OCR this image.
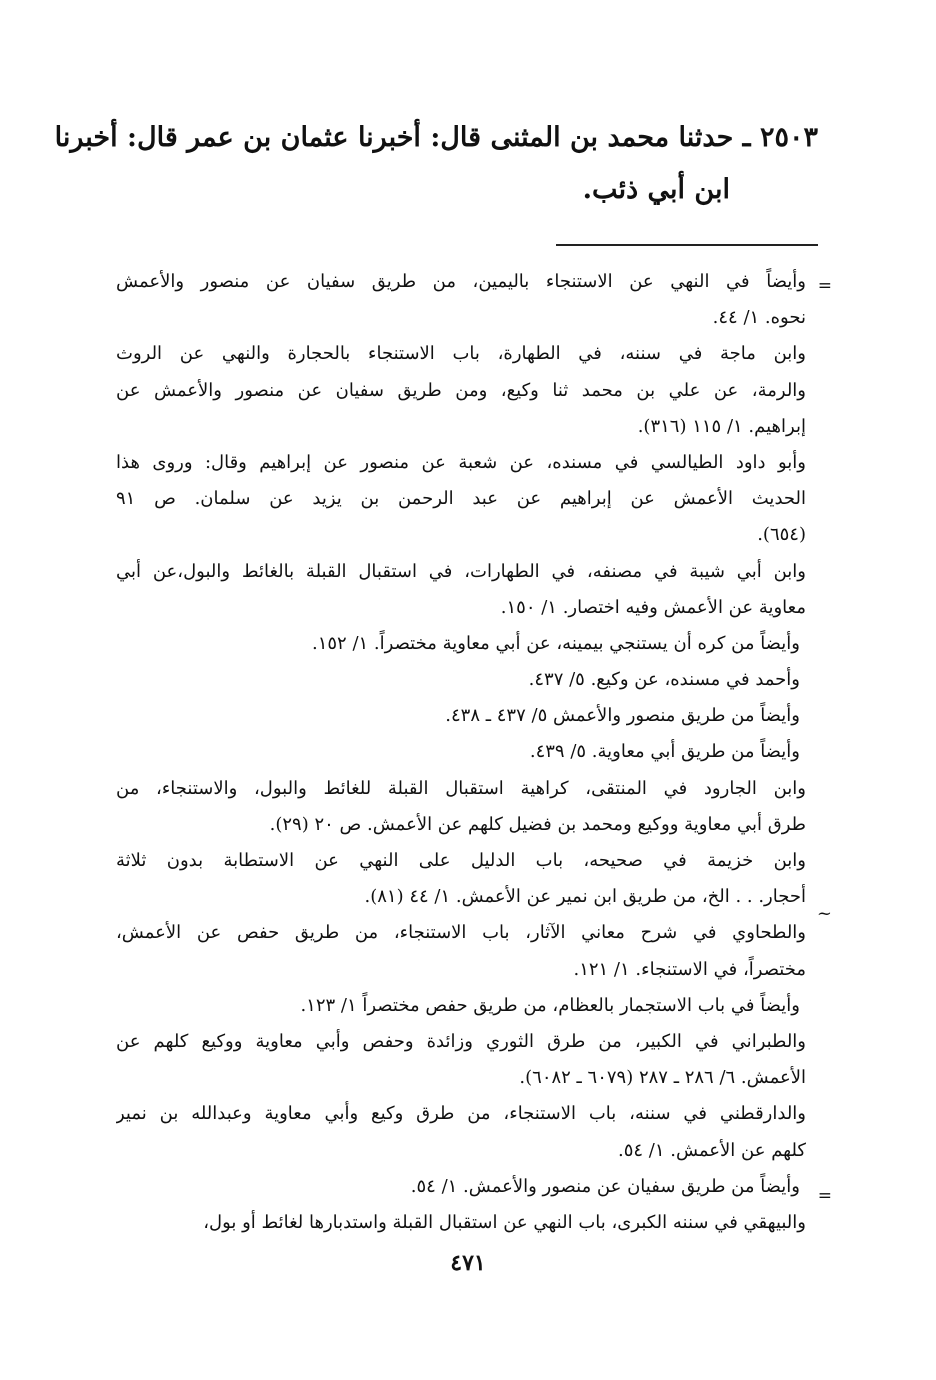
٢٥٠٣ ـ حدثنا محمد بن المثنى قال: أخبرنا عثمان بن عمر قال: أخبرنا
ابن أبي ذئب.
=
وأيضاً في النهي عن الاستنجاء باليمين، من طريق سفيان عن منصور والأعمش
نحوه. ١/ ٤٤.
وابن ماجة في سننه، في الطهارة، باب الاستنجاء بالحجارة والنهي عن الروث
والرمة، عن علي بن محمد ثنا وكيع، ومن طريق سفيان عن منصور والأعمش عن
إبراهيم. ١/ ١١٥ (٣١٦).
وأبو داود الطيالسي في مسنده، عن شعبة عن منصور عن إبراهيم وقال: وروى هذا
الحديث الأعمش عن إبراهيم عن عبد الرحمن بن يزيد عن سلمان. ص ٩١
(٦٥٤).
وابن أبي شيبة في مصنفه، في الطهارات، في استقبال القبلة بالغائط والبول،عن أبي
معاوية عن الأعمش وفيه اختصار. ١/ ١٥٠.
وأيضاً من كره أن يستنجي بيمينه، عن أبي معاوية مختصراً. ١/ ١٥٢.
وأحمد في مسنده، عن وكيع. ٥/ ٤٣٧.
وأيضاً من طريق منصور والأعمش ٥/ ٤٣٧ ـ ٤٣٨.
وأيضاً من طريق أبي معاوية. ٥/ ٤٣٩.
وابن الجارود في المنتقى، كراهية استقبال القبلة للغائط والبول، والاستنجاء، من
طرق أبي معاوية ووكيع ومحمد بن فضيل كلهم عن الأعمش. ص ٢٠ (٢٩).
وابن خزيمة في صحيحه، باب الدليل على النهي عن الاستطابة بدون ثلاثة
أحجار. . . الخ، من طريق ابن نمير عن الأعمش. ١/ ٤٤ (٨١).
والطحاوي في شرح معاني الآثار، باب الاستنجاء، من طريق حفص عن الأعمش،
مختصراً، في الاستنجاء. ١/ ١٢١.
وأيضاً في باب الاستجمار بالعظام، من طريق حفص مختصراً ١/ ١٢٣.
والطبراني في الكبير، من طرق الثوري وزائدة وحفص وأبي معاوية ووكيع كلهم عن
الأعمش. ٦/ ٢٨٦ ـ ٢٨٧ (٦٠٧٩ ـ ٦٠٨٢).
والدارقطني في سننه، باب الاستنجاء، من طرق وكيع وأبي معاوية وعبدالله بن نمير
كلهم عن الأعمش. ١/ ٥٤.
وأيضاً من طريق سفيان عن منصور والأعمش. ١/ ٥٤.
والبيهقي في سننه الكبرى، باب النهي عن استقبال القبلة واستدبارها لغائط أو بول،
~
=
٤٧١
